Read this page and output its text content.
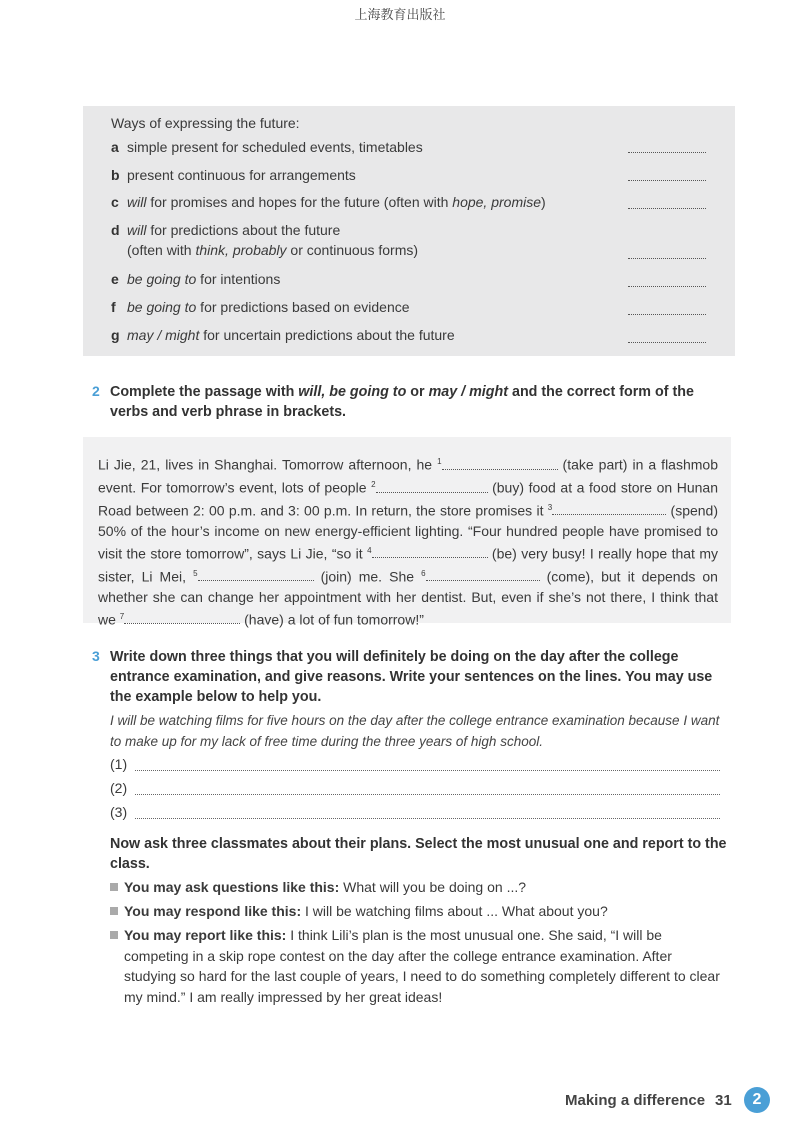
上海教育出版社
Ways of expressing the future:
a simple present for scheduled events, timetables
b present continuous for arrangements
c will for promises and hopes for the future (often with hope, promise)
d will for predictions about the future
(often with think, probably or continuous forms)
e be going to for intentions
f be going to for predictions based on evidence
g may / might for uncertain predictions about the future
2 Complete the passage with will, be going to or may / might and the correct form of the verbs and verb phrase in brackets.
Li Jie, 21, lives in Shanghai. Tomorrow afternoon, he $^1$	(take part) in a flashmob event. For tomorrow’s event, lots of people $^2$	(buy) food at a food store on Hunan Road between 2: 00 p.m. and 3: 00 p.m. In return, the store promises it $^3$	(spend) 50% of the hour’s income on new energy-efficient lighting. “Four hundred people have promised to visit the store tomorrow”, says Li Jie, “so it $^4$	(be) very busy! I really hope that my sister, Li Mei, $^5$	(join) me. She $^6$	(come), but it depends on whether she can change her appointment with her dentist. But, even if she’s not there, I think that we $^7$	(have) a lot of fun tomorrow!”
3 Write down three things that you will definitely be doing on the day after the college entrance examination, and give reasons. Write your sentences on the lines. You may use the example below to help you.
I will be watching films for five hours on the day after the college entrance examination because I want to make up for my lack of free time during the three years of high school.
(1)
(2)
(3)
Now ask three classmates about their plans. Select the most unusual one and report to the class.
You may ask questions like this: What will you be doing on ...?
You may respond like this: I will be watching films about ... What about you?
You may report like this: I think Lili’s plan is the most unusual one. She said, “I will be competing in a skip rope contest on the day after the college entrance examination. After studying so hard for the last couple of years, I need to do something completely different to clear my mind.” I am really impressed by her great ideas!
Making a difference 31	2
